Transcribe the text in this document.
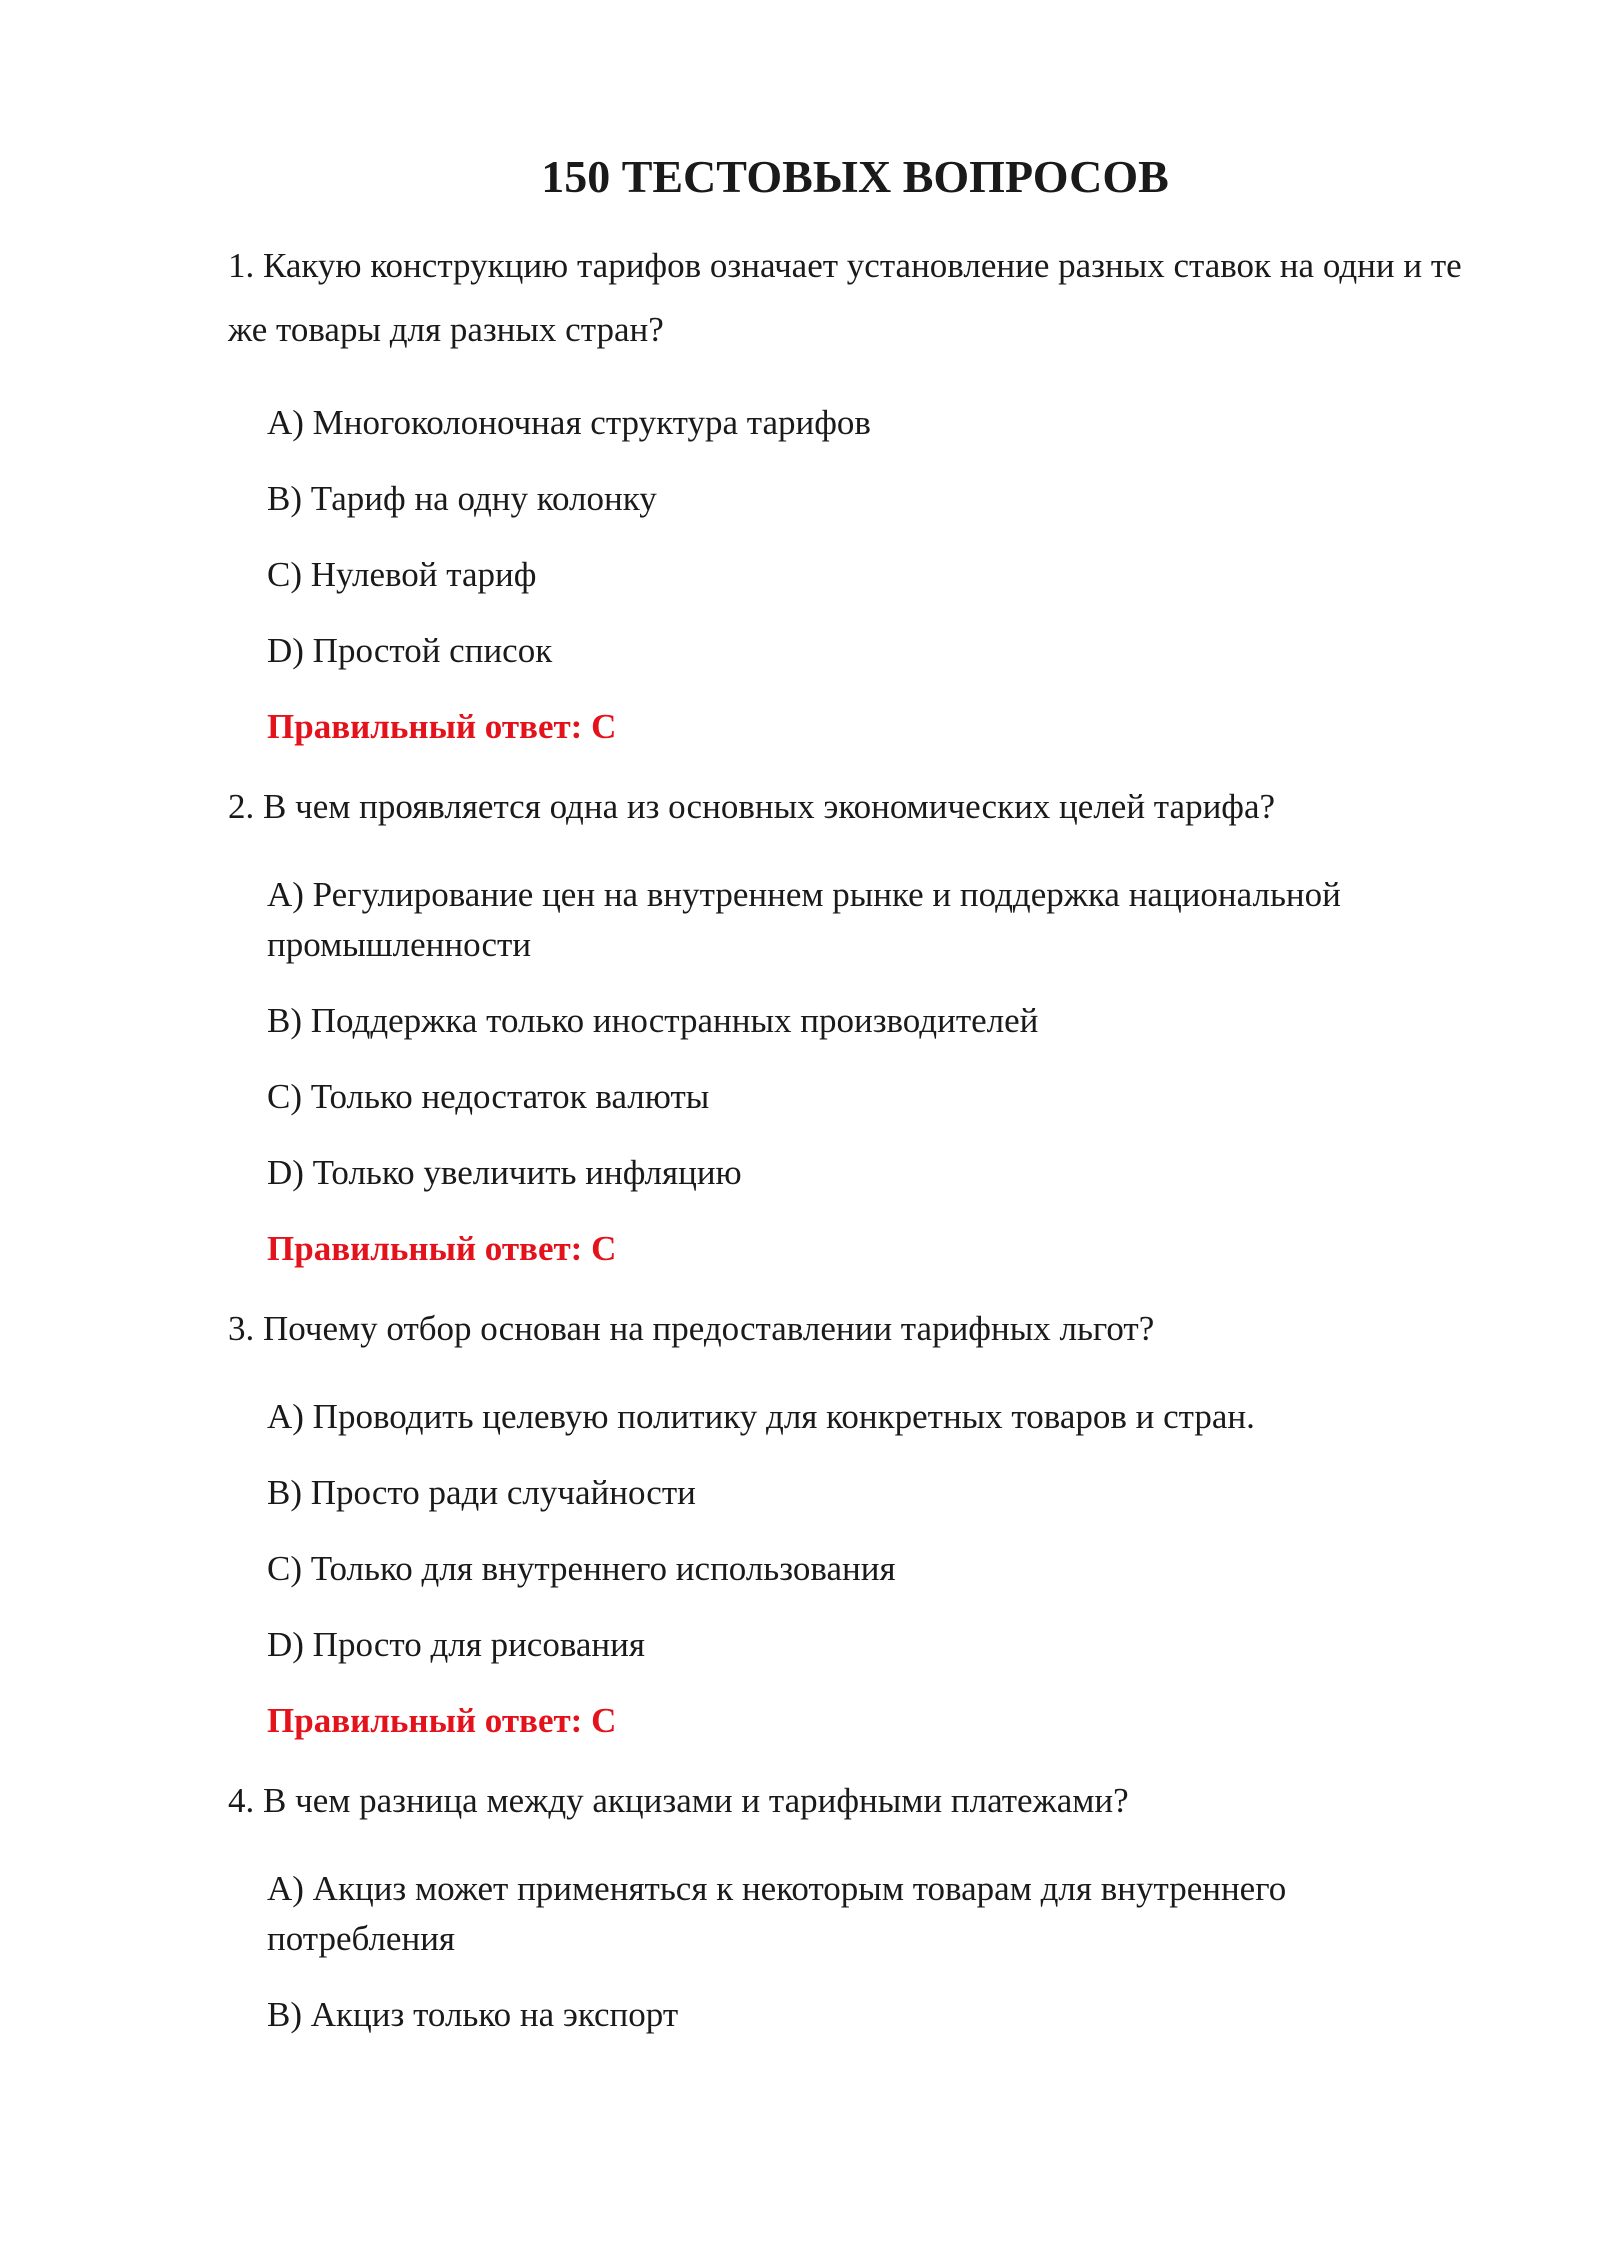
150 ТЕСТОВЫХ ВОПРОСОВ
1. Какую конструкцию тарифов означает установление разных ставок на одни и те же товары для разных стран?
A) Многоколоночная структура тарифов
B) Тариф на одну колонку
C) Нулевой тариф
D) Простой список
Правильный ответ: C
2. В чем проявляется одна из основных экономических целей тарифа?
A) Регулирование цен на внутреннем рынке и поддержка национальной промышленности
B) Поддержка только иностранных производителей
C) Только недостаток валюты
D) Только увеличить инфляцию
Правильный ответ: C
3. Почему отбор основан на предоставлении тарифных льгот?
A) Проводить целевую политику для конкретных товаров и стран.
B) Просто ради случайности
C) Только для внутреннего использования
D) Просто для рисования
Правильный ответ: C
4. В чем разница между акцизами и тарифными платежами?
A) Акциз может применяться к некоторым товарам для внутреннего потребления
B) Акциз только на экспорт
